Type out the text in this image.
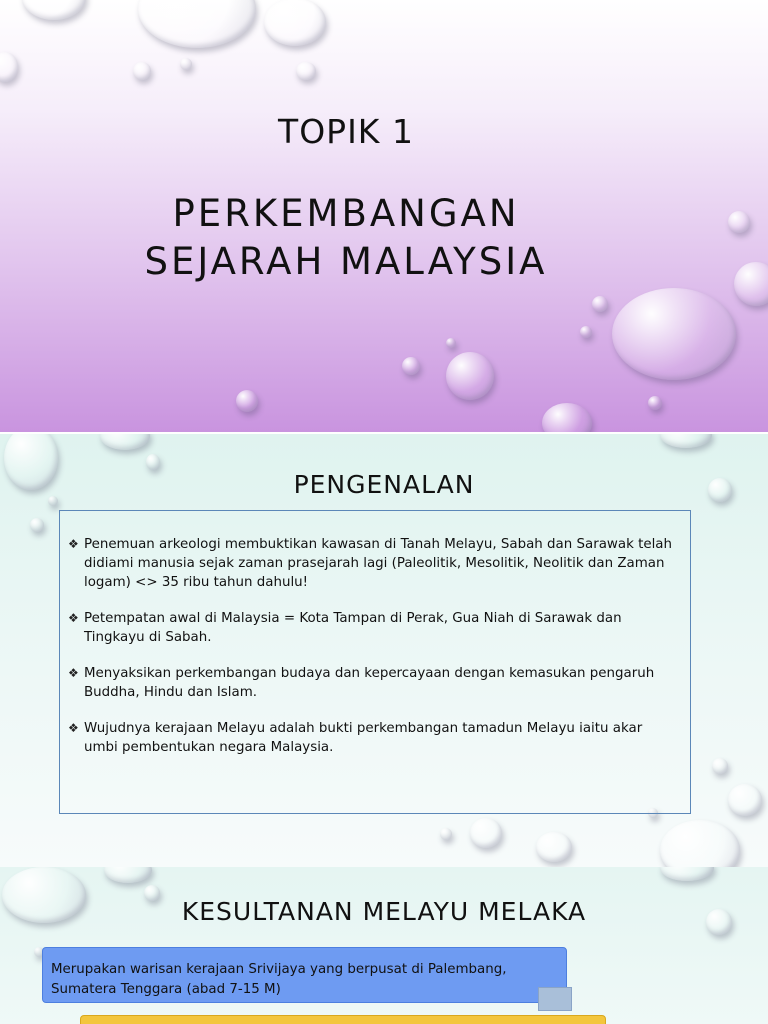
TOPIK 1
PERKEMBANGAN
SEJARAH MALAYSIA
PENGENALAN
❖ Penemuan arkeologi membuktikan kawasan di Tanah Melayu, Sabah dan Sarawak telah didiami manusia sejak zaman prasejarah lagi (Paleolitik, Mesolitik, Neolitik dan Zaman logam) <> 35 ribu tahun dahulu!
❖ Petempatan awal di Malaysia = Kota Tampan di Perak, Gua Niah di Sarawak dan Tingkayu di Sabah.
❖ Menyaksikan perkembangan budaya dan kepercayaan dengan kemasukan pengaruh Buddha, Hindu dan Islam.
❖ Wujudnya kerajaan Melayu adalah bukti perkembangan tamadun Melayu iaitu akar umbi pembentukan negara Malaysia.
KESULTANAN MELAYU MELAKA
Merupakan warisan kerajaan Srivijaya yang berpusat di Palembang, Sumatera Tenggara (abad 7-15 M)
